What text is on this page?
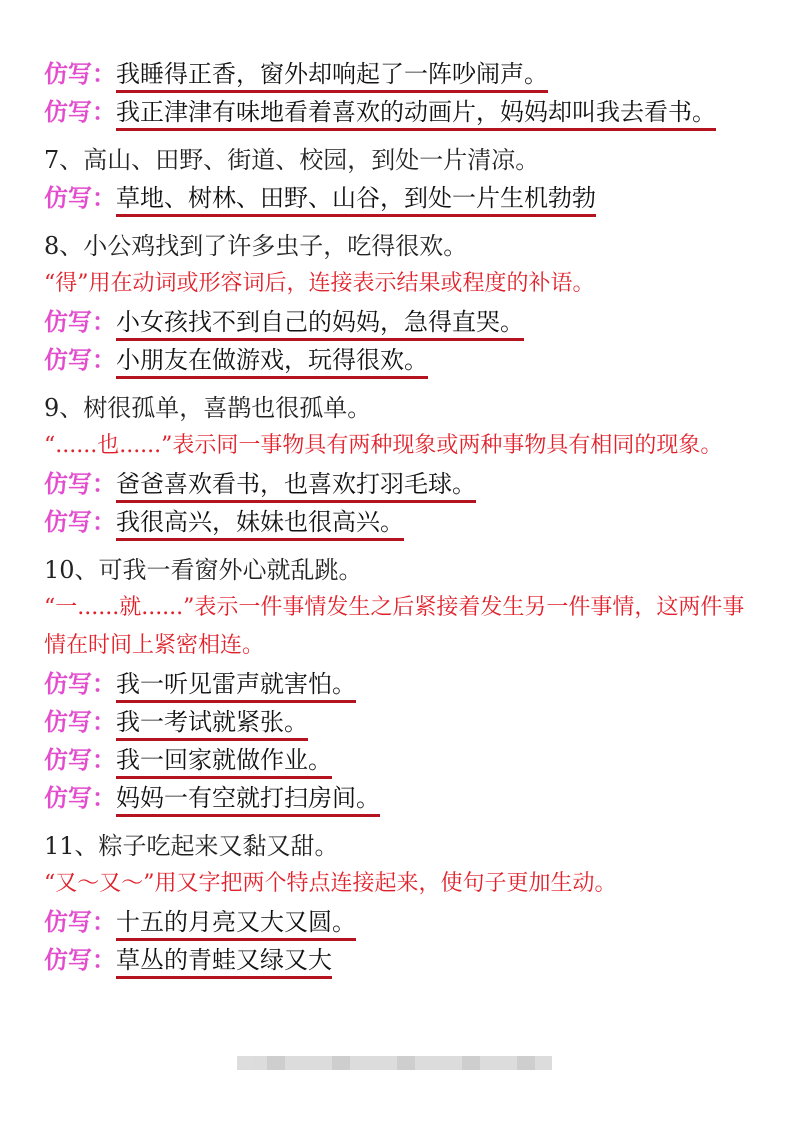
仿写：我睡得正香，窗外却响起了一阵吵闹声。
仿写：我正津津有味地看着喜欢的动画片，妈妈却叫我去看书。
7、高山、田野、街道、校园，到处一片清凉。
仿写：草地、树林、田野、山谷，到处一片生机勃勃
8、小公鸡找到了许多虫子，吃得很欢。
“得”用在动词或形容词后，连接表示结果或程度的补语。
仿写：小女孩找不到自己的妈妈，急得直哭。
仿写：小朋友在做游戏，玩得很欢。
9、树很孤单，喜鹊也很孤单。
“......也......”表示同一事物具有两种现象或两种事物具有相同的现象。
仿写：爸爸喜欢看书，也喜欢打羽毛球。
仿写：我很高兴，妹妹也很高兴。
10、可我一看窗外心就乱跳。
“一......就......”表示一件事情发生之后紧接着发生另一件事情，这两件事情在时间上紧密相连。
仿写：我一听见雷声就害怕。
仿写：我一考试就紧张。
仿写：我一回家就做作业。
仿写：妈妈一有空就打扫房间。
11、粽子吃起来又黏又甜。
“又～又～”用又字把两个特点连接起来，使句子更加生动。
仿写：十五的月亮又大又圆。
仿写：草丛的青蛙又绿又大
